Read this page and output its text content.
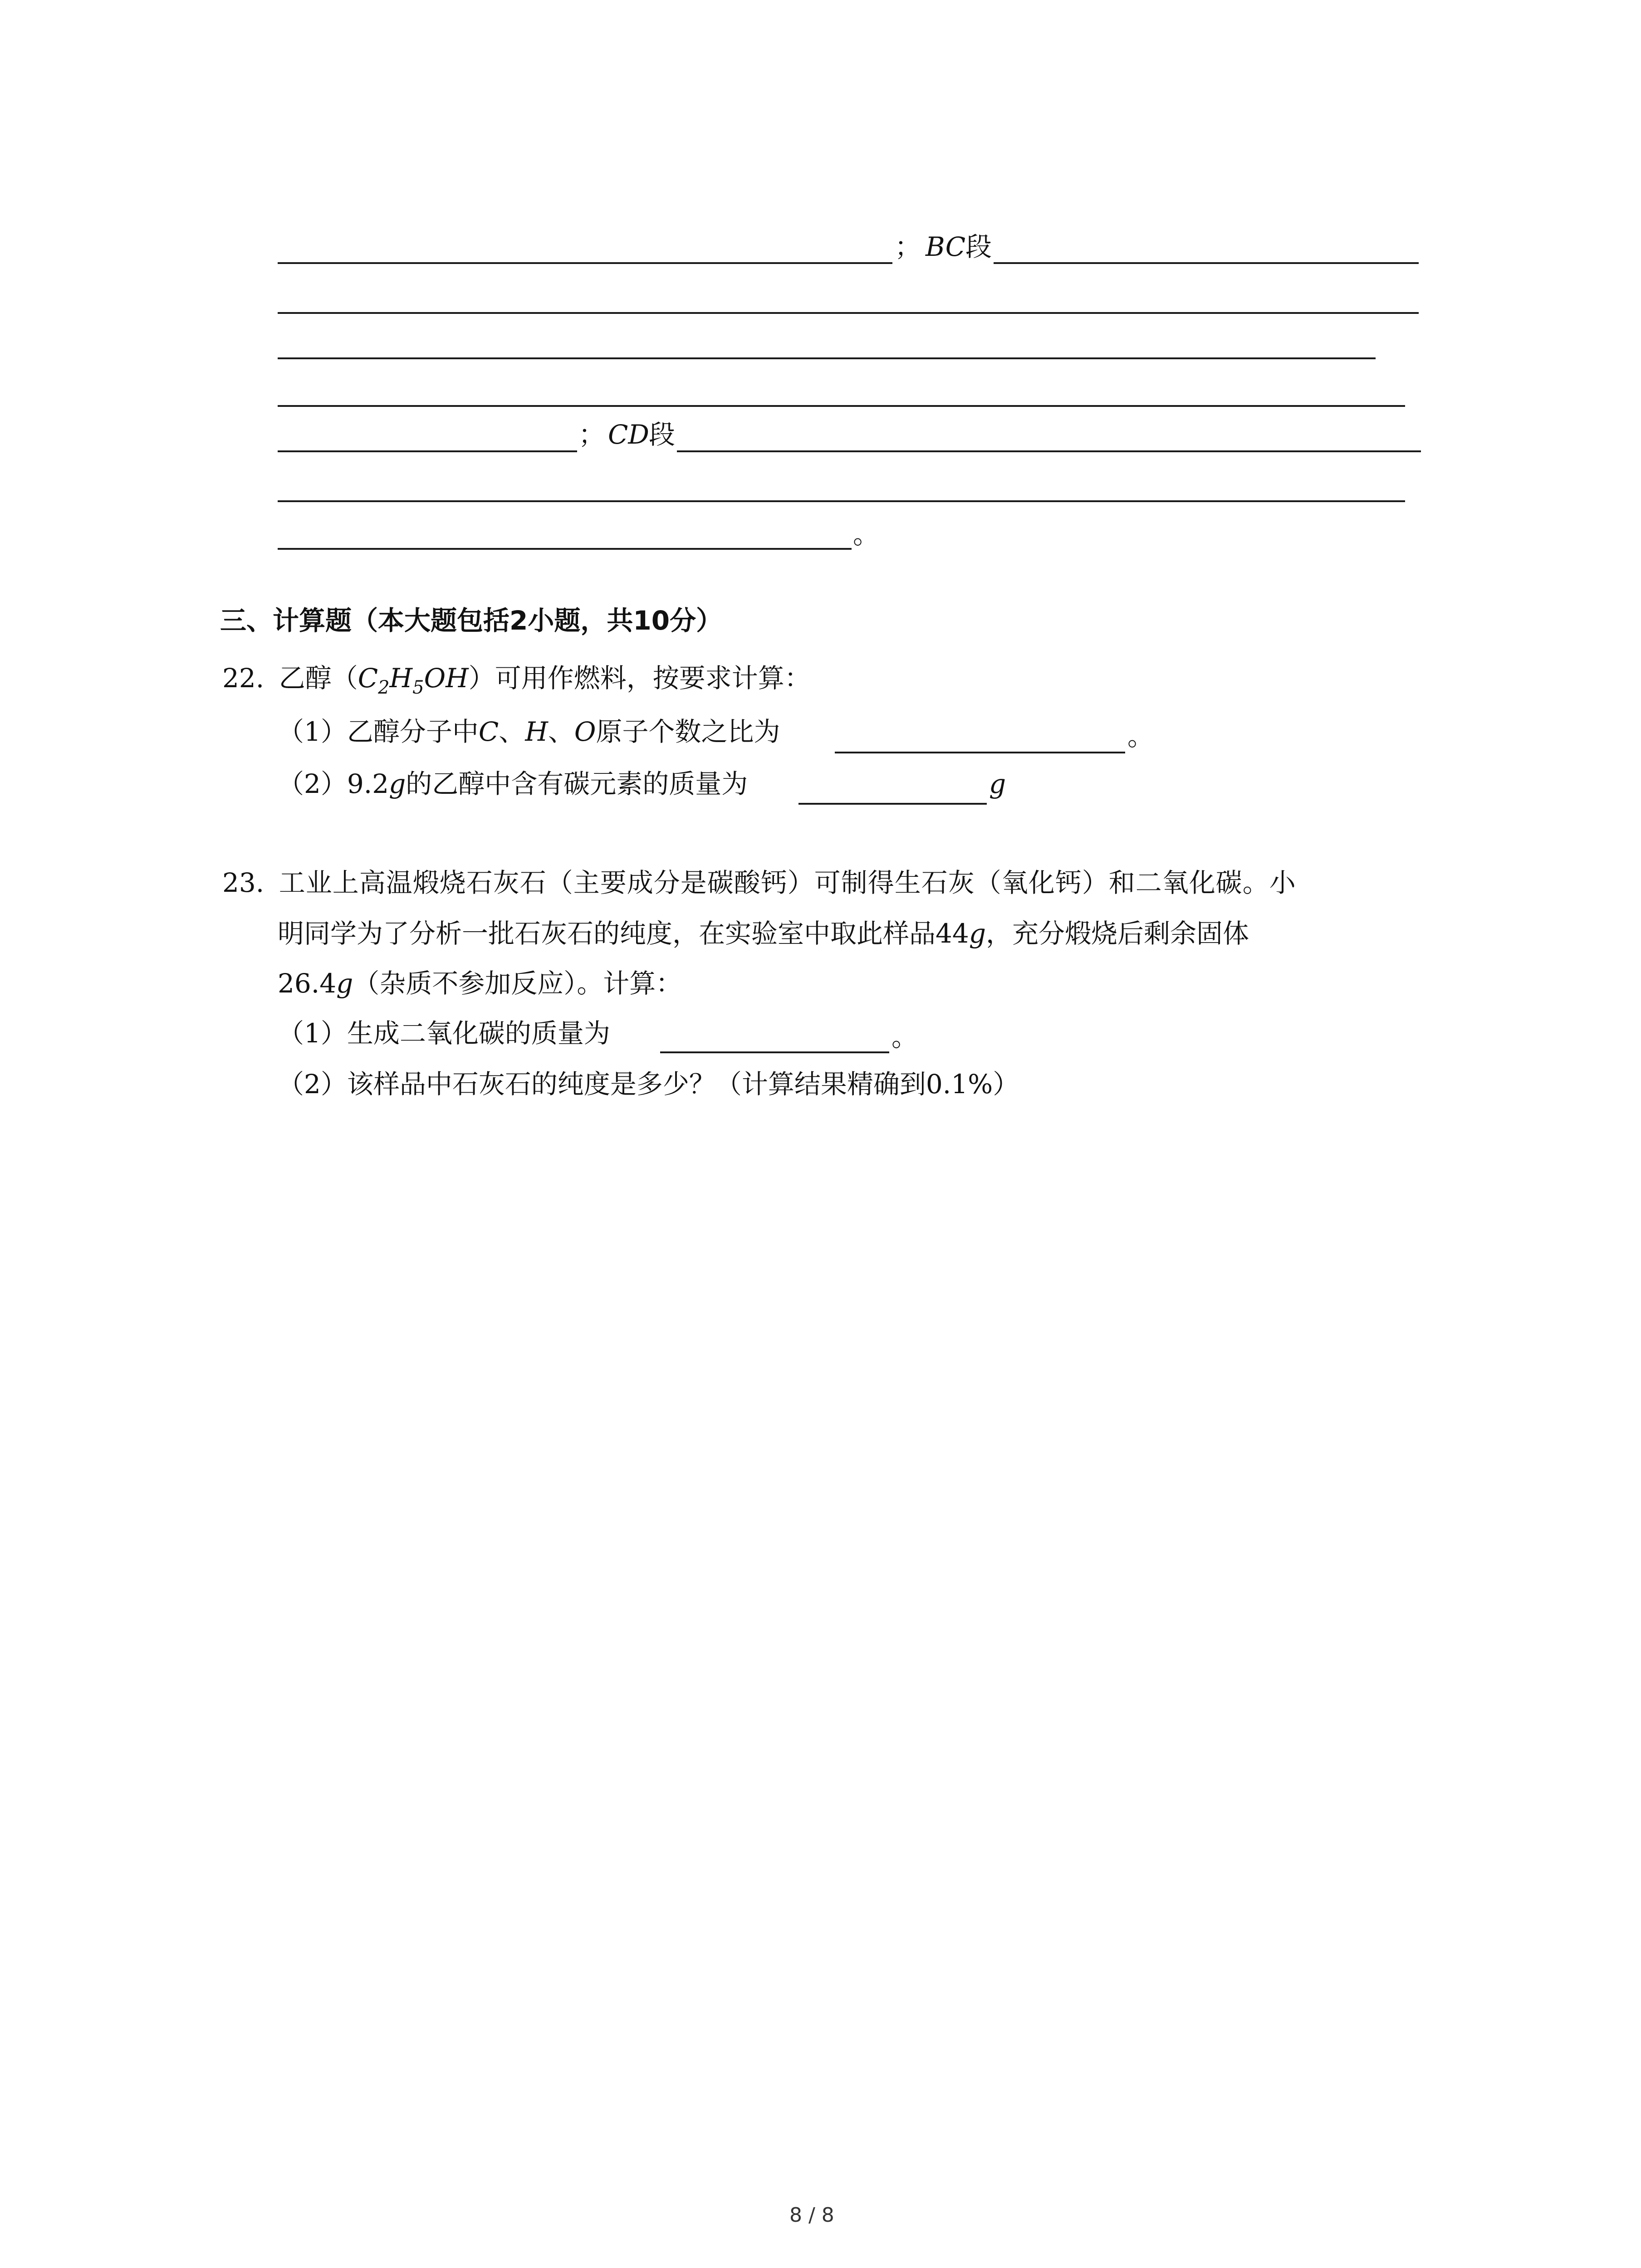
； BC 段
； CD 段
。
三、计算题（本大题包括2小题，共10分）
22. 乙醇$(C_2H_5OH)$可用作燃料，按要求计算：
（1）乙醇分子中C、H、O原子个数之比为	。
（2）9.2g的乙醇中含有碳元素的质量为	g
23. 工业上高温煅烧石灰石（主要成分是碳酸钙）可制得生石灰（氧化钙）和二氧化碳。小
明同学为了分析一批石灰石的纯度，在实验室中取此样品44g，充分煅烧后剩余固体
26.4g（杂质不参加反应）。计算：
（1）生成二氧化碳的质量为	。
（2）该样品中石灰石的纯度是多少？（计算结果精确到0.1%）
8 / 8
